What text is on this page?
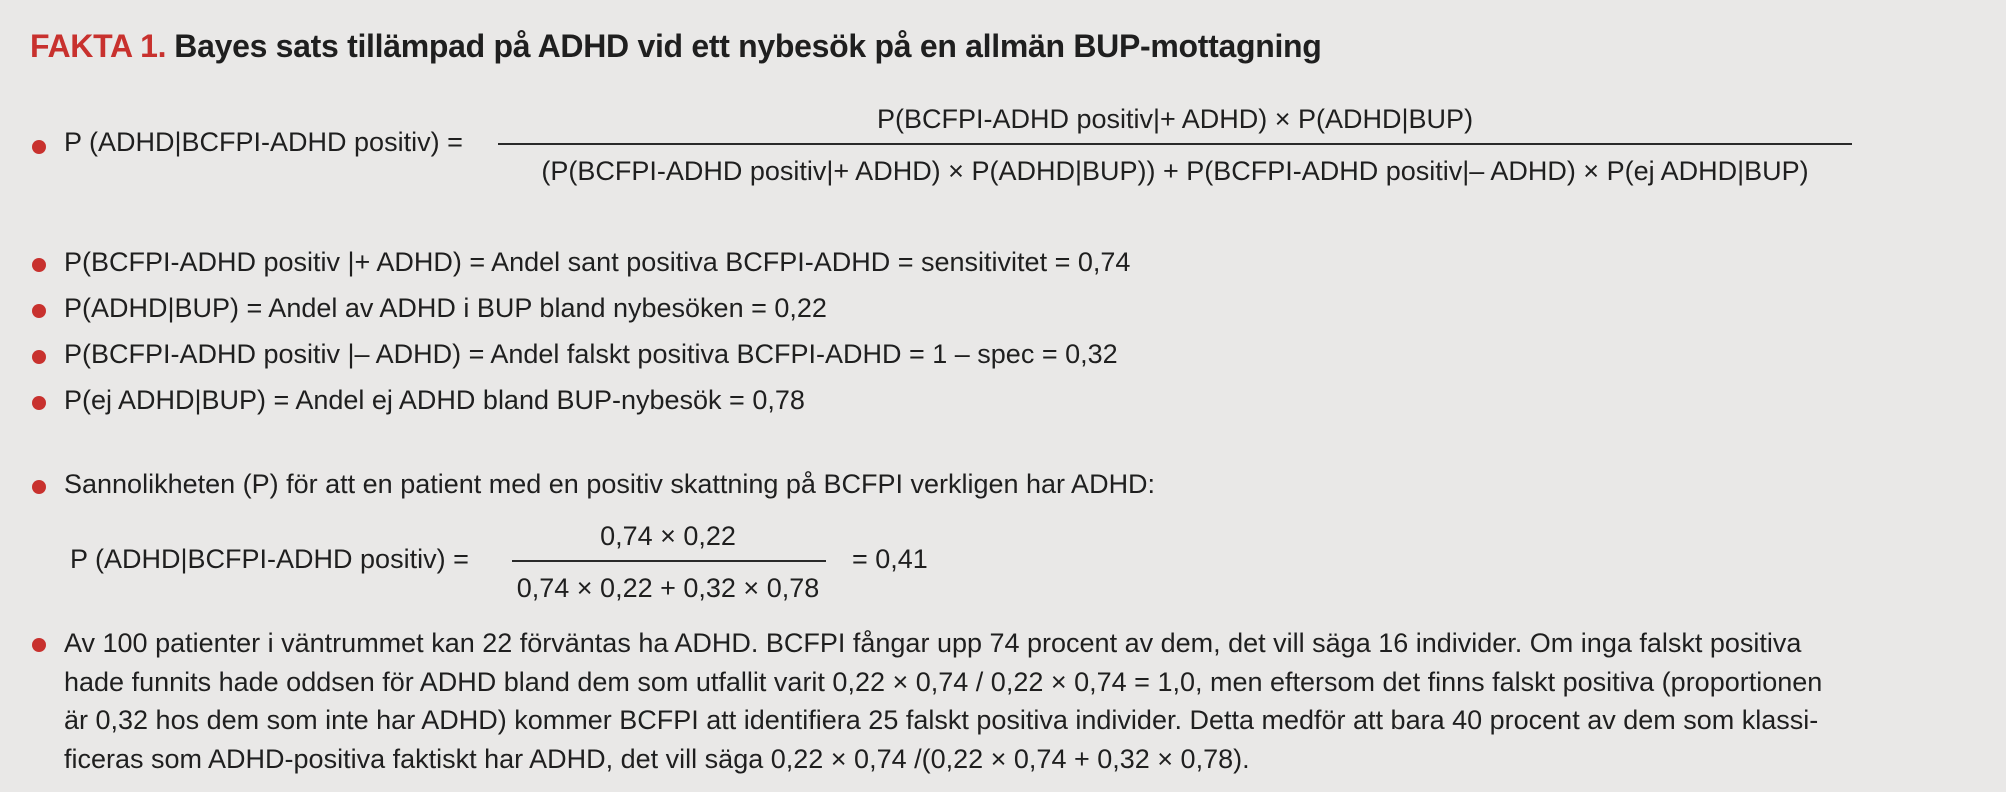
FAKTA 1. Bayes sats tillämpad på ADHD vid ett nybesök på en allmän BUP-mottagning
P (ADHD|BCFPI-ADHD positiv) =
P(BCFPI-ADHD positiv|+ ADHD) × P(ADHD|BUP)
(P(BCFPI-ADHD positiv|+ ADHD) × P(ADHD|BUP)) + P(BCFPI-ADHD positiv|– ADHD) × P(ej ADHD|BUP)
P(BCFPI-ADHD positiv |+ ADHD) = Andel sant positiva BCFPI-ADHD = sensitivitet = 0,74
P(ADHD|BUP) = Andel av ADHD i BUP bland nybesöken = 0,22
P(BCFPI-ADHD positiv |– ADHD) = Andel falskt positiva BCFPI-ADHD = 1 – spec = 0,32
P(ej ADHD|BUP) = Andel ej ADHD bland BUP-nybesök = 0,78
Sannolikheten (P) för att en patient med en positiv skattning på BCFPI verkligen har ADHD:
P (ADHD|BCFPI-ADHD positiv) =
0,74 × 0,22
0,74 × 0,22 + 0,32 × 0,78
= 0,41
Av 100 patienter i väntrummet kan 22 förväntas ha ADHD. BCFPI fångar upp 74 procent av dem, det vill säga 16 individer. Om inga falskt positiva
hade funnits hade oddsen för ADHD bland dem som utfallit varit 0,22 × 0,74 / 0,22 × 0,74 = 1,0, men eftersom det finns falskt positiva (proportionen
är 0,32 hos dem som inte har ADHD) kommer BCFPI att identifiera 25 falskt positiva individer. Detta medför att bara 40 procent av dem som klassi-
ficeras som ADHD-positiva faktiskt har ADHD, det vill säga 0,22 × 0,74 /(0,22 × 0,74 + 0,32 × 0,78).
